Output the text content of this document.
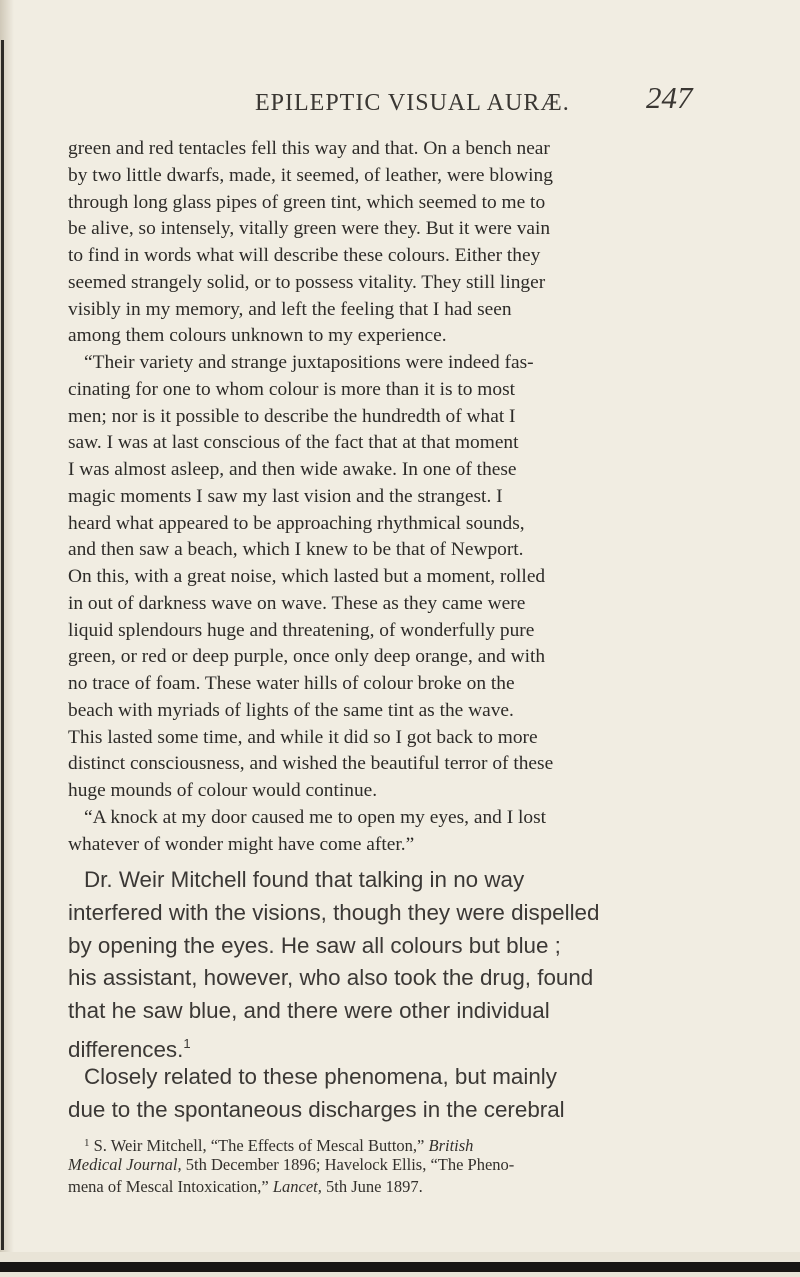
EPILEPTIC VISUAL AURÆ. 247
green and red tentacles fell this way and that. On a bench near
by two little dwarfs, made, it seemed, of leather, were blowing
through long glass pipes of green tint, which seemed to me to
be alive, so intensely, vitally green were they. But it were vain
to find in words what will describe these colours. Either they
seemed strangely solid, or to possess vitality. They still linger
visibly in my memory, and left the feeling that I had seen
among them colours unknown to my experience.
“Their variety and strange juxtapositions were indeed fas-
cinating for one to whom colour is more than it is to most
men; nor is it possible to describe the hundredth of what I
saw. I was at last conscious of the fact that at that moment
I was almost asleep, and then wide awake. In one of these
magic moments I saw my last vision and the strangest. I
heard what appeared to be approaching rhythmical sounds,
and then saw a beach, which I knew to be that of Newport.
On this, with a great noise, which lasted but a moment, rolled
in out of darkness wave on wave. These as they came were
liquid splendours huge and threatening, of wonderfully pure
green, or red or deep purple, once only deep orange, and with
no trace of foam. These water hills of colour broke on the
beach with myriads of lights of the same tint as the wave.
This lasted some time, and while it did so I got back to more
distinct consciousness, and wished the beautiful terror of these
huge mounds of colour would continue.
“A knock at my door caused me to open my eyes, and I lost
whatever of wonder might have come after.”
Dr. Weir Mitchell found that talking in no way
interfered with the visions, though they were dispelled
by opening the eyes. He saw all colours but blue ;
his assistant, however, who also took the drug, found
that he saw blue, and there were other individual
differences.$^1$
Closely related to these phenomena, but mainly
due to the spontaneous discharges in the cerebral
$^1$ S. Weir Mitchell, “The Effects of Mescal Button,” British
Medical Journal, 5th December 1896; Havelock Ellis, “The Pheno-
mena of Mescal Intoxication,” Lancet, 5th June 1897.
